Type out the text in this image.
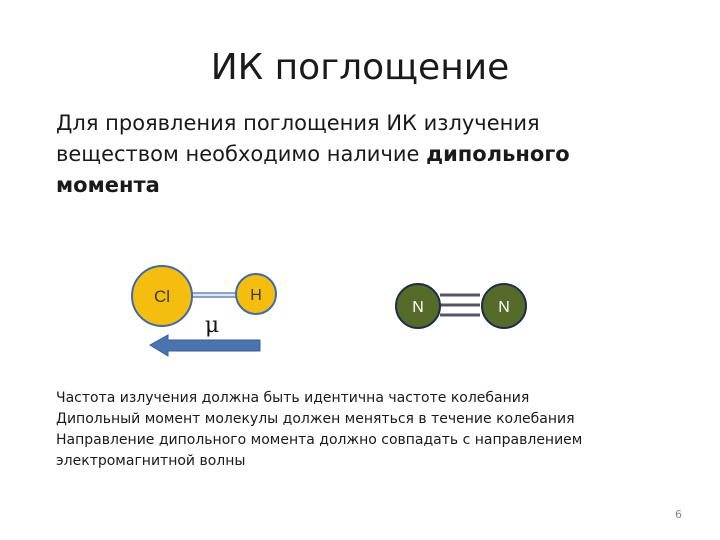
ИК поглощение

Для проявления поглощения ИК излучения веществом необходимо наличие дипольного момента

Cl	H
μ
N	N
Частота излучения должна быть идентична частоте колебания
Дипольный момент молекулы должен меняться в течение колебания
Направление дипольного момента должно совпадать с направлением
электромагнитной волны
6
